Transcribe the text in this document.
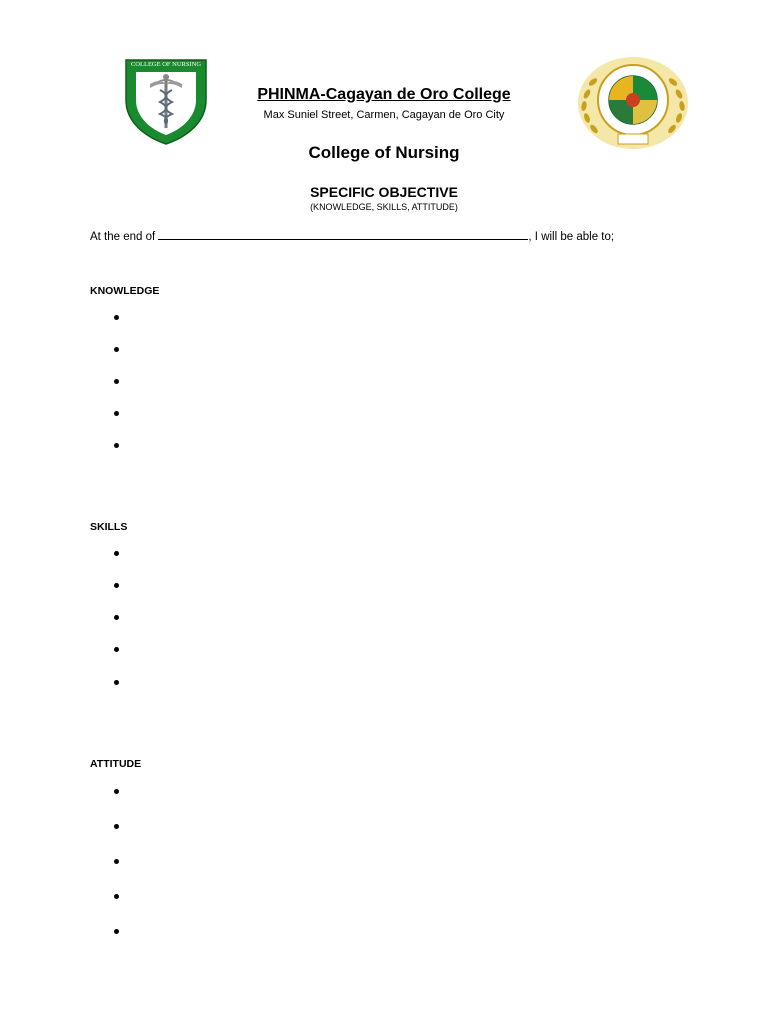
COLLEGE OF NURSING
PHINMA-Cagayan de Oro College
Max Suniel Street, Carmen, Cagayan de Oro City
College of Nursing
SPECIFIC OBJECTIVE
(KNOWLEDGE, SKILLS, ATTITUDE)
At the end of	, I will be able to;
KNOWLEDGE
SKILLS
ATTITUDE
